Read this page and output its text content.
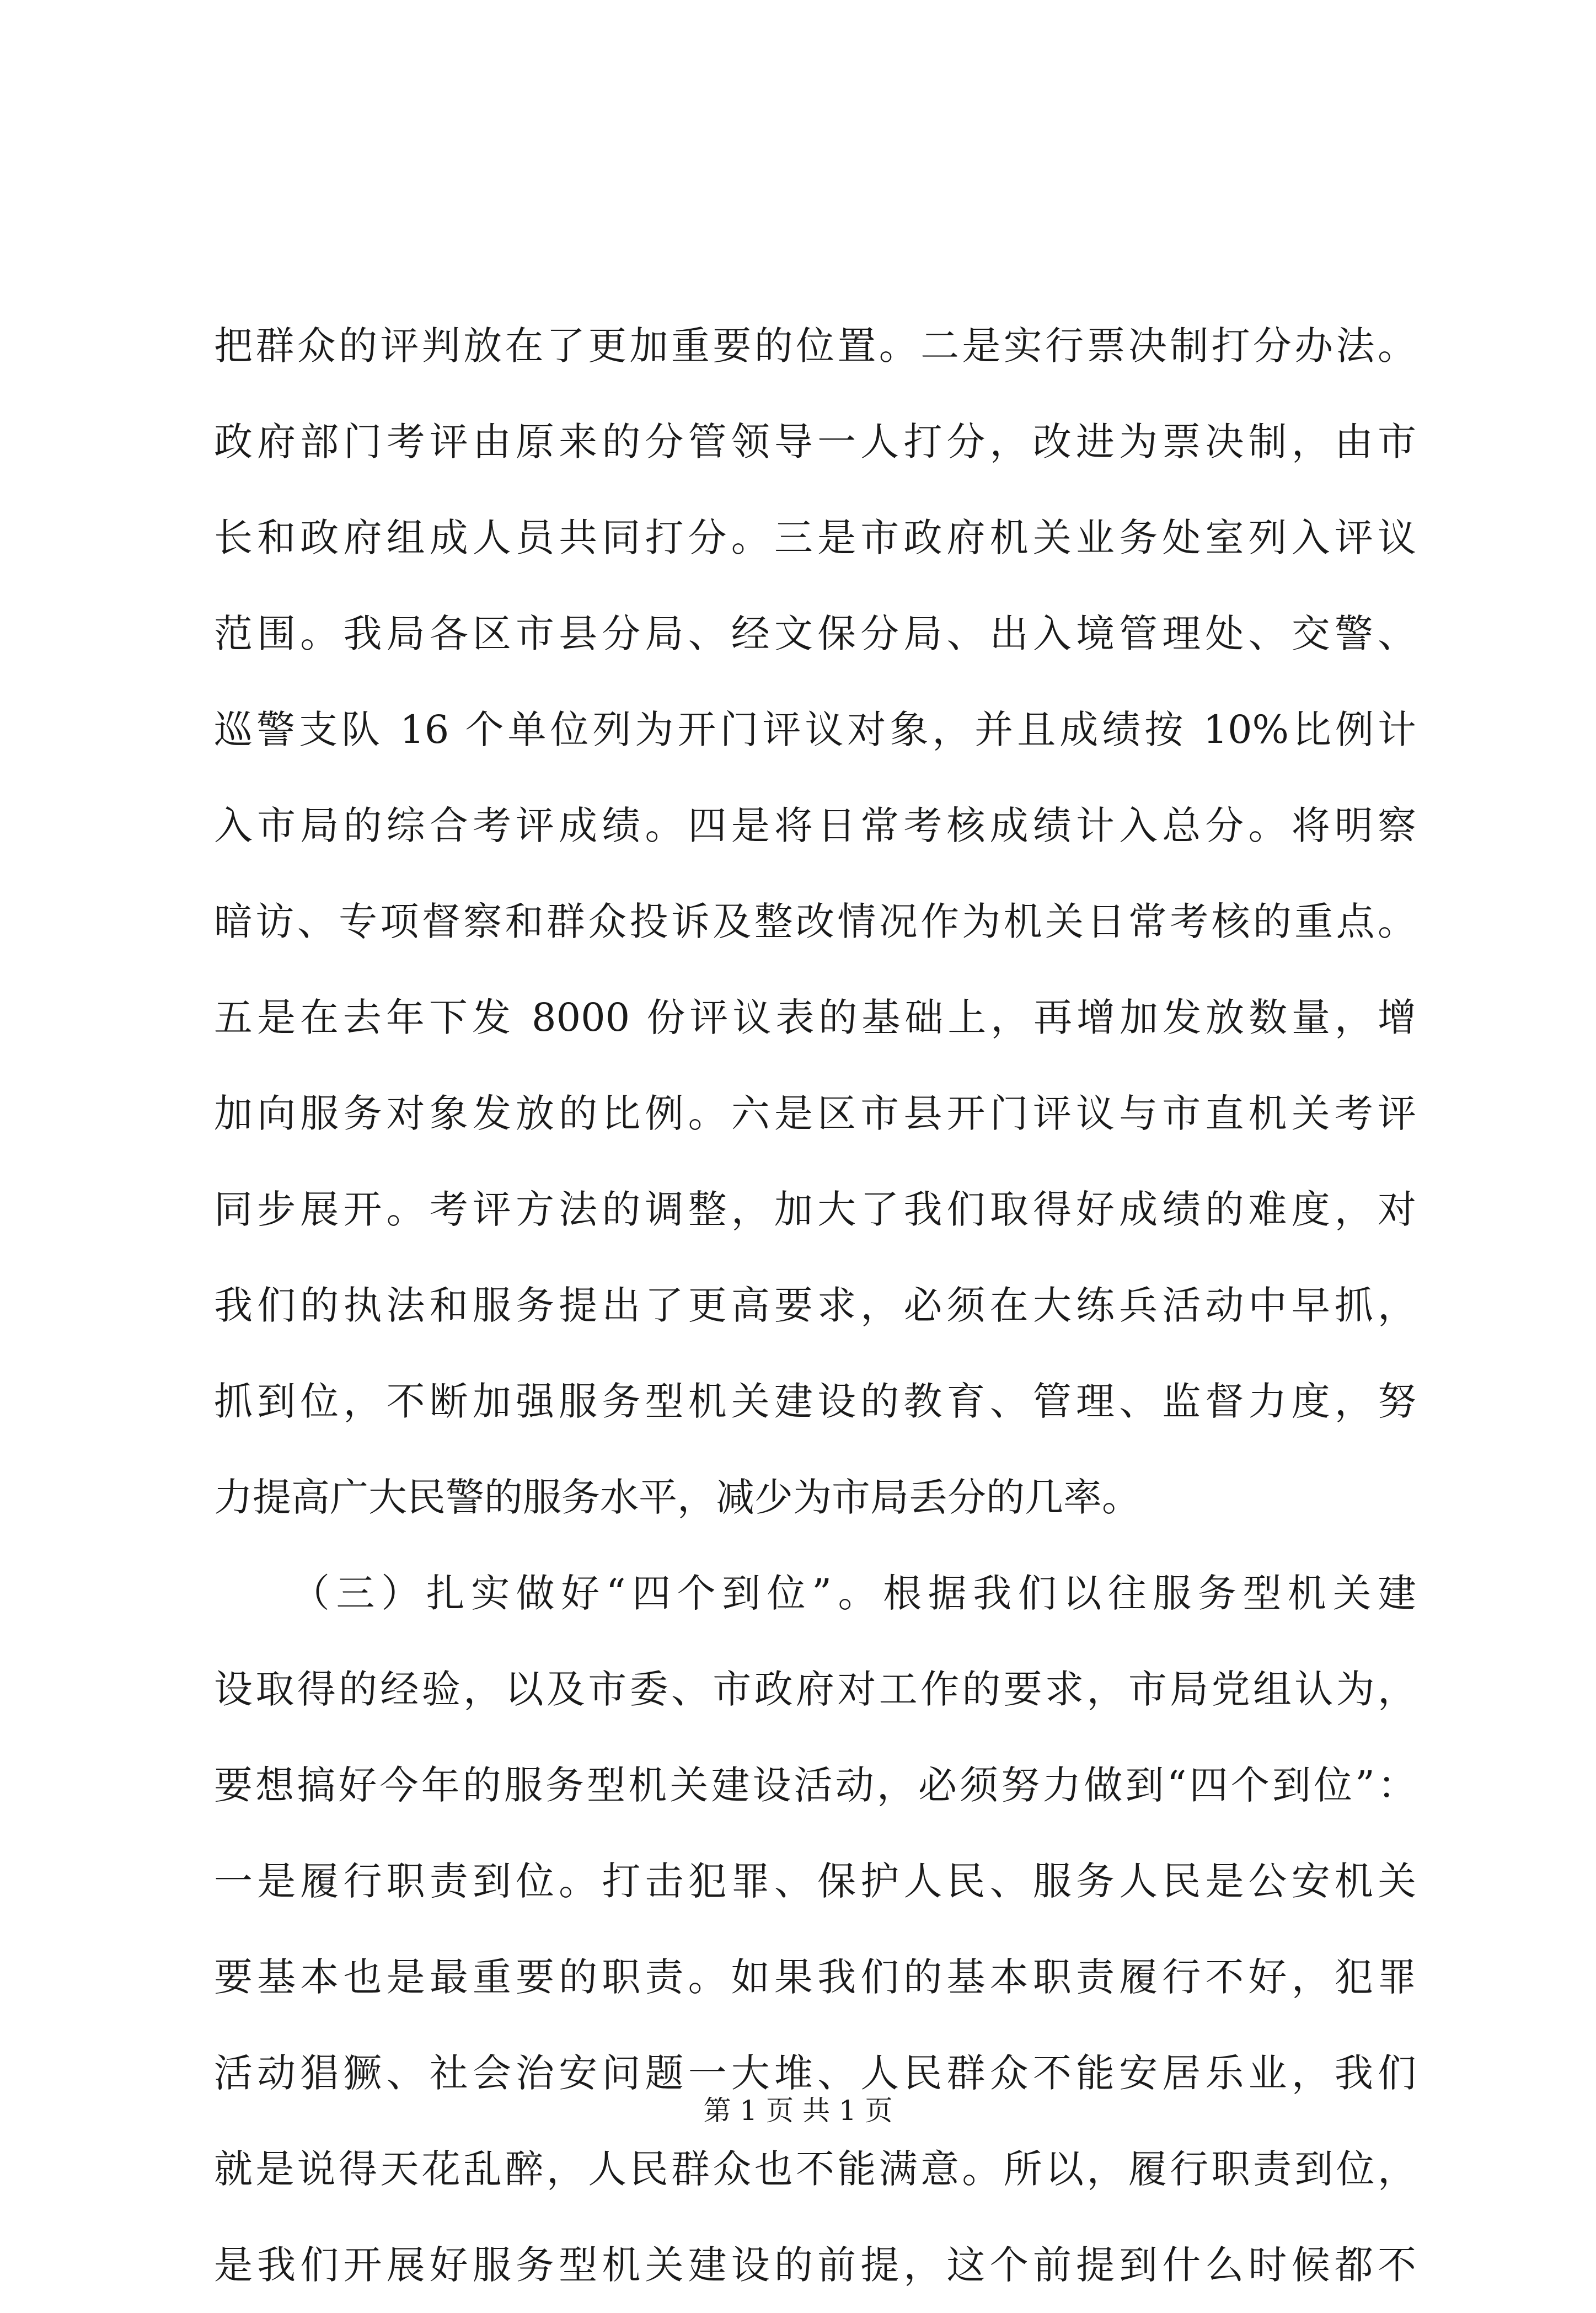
把群众的评判放在了更加重要的位置。二是实行票决制打分办法。
政府部门考评由原来的分管领导一人打分，改进为票决制，由市
长和政府组成人员共同打分。三是市政府机关业务处室列入评议
范围。我局各区市县分局、经文保分局、出入境管理处、交警、
巡警支队 16 个单位列为开门评议对象，并且成绩按 10%比例计
入市局的综合考评成绩。四是将日常考核成绩计入总分。将明察
暗访、专项督察和群众投诉及整改情况作为机关日常考核的重点。
五是在去年下发 8000 份评议表的基础上，再增加发放数量，增
加向服务对象发放的比例。六是区市县开门评议与市直机关考评
同步展开。考评方法的调整，加大了我们取得好成绩的难度，对
我们的执法和服务提出了更高要求，必须在大练兵活动中早抓，
抓到位，不断加强服务型机关建设的教育、管理、监督力度，努
力提高广大民警的服务水平，减少为市局丢分的几率。
（三）扎实做好“四个到位”。根据我们以往服务型机关建
设取得的经验，以及市委、市政府对工作的要求，市局党组认为，
要想搞好今年的服务型机关建设活动，必须努力做到“四个到位”：
一是履行职责到位。打击犯罪、保护人民、服务人民是公安机关
要基本也是最重要的职责。如果我们的基本职责履行不好，犯罪
活动猖獗、社会治安问题一大堆、人民群众不能安居乐业，我们
就是说得天花乱醉，人民群众也不能满意。所以，履行职责到位，
是我们开展好服务型机关建设的前提，这个前提到什么时候都不
第 1 页 共 1 页
